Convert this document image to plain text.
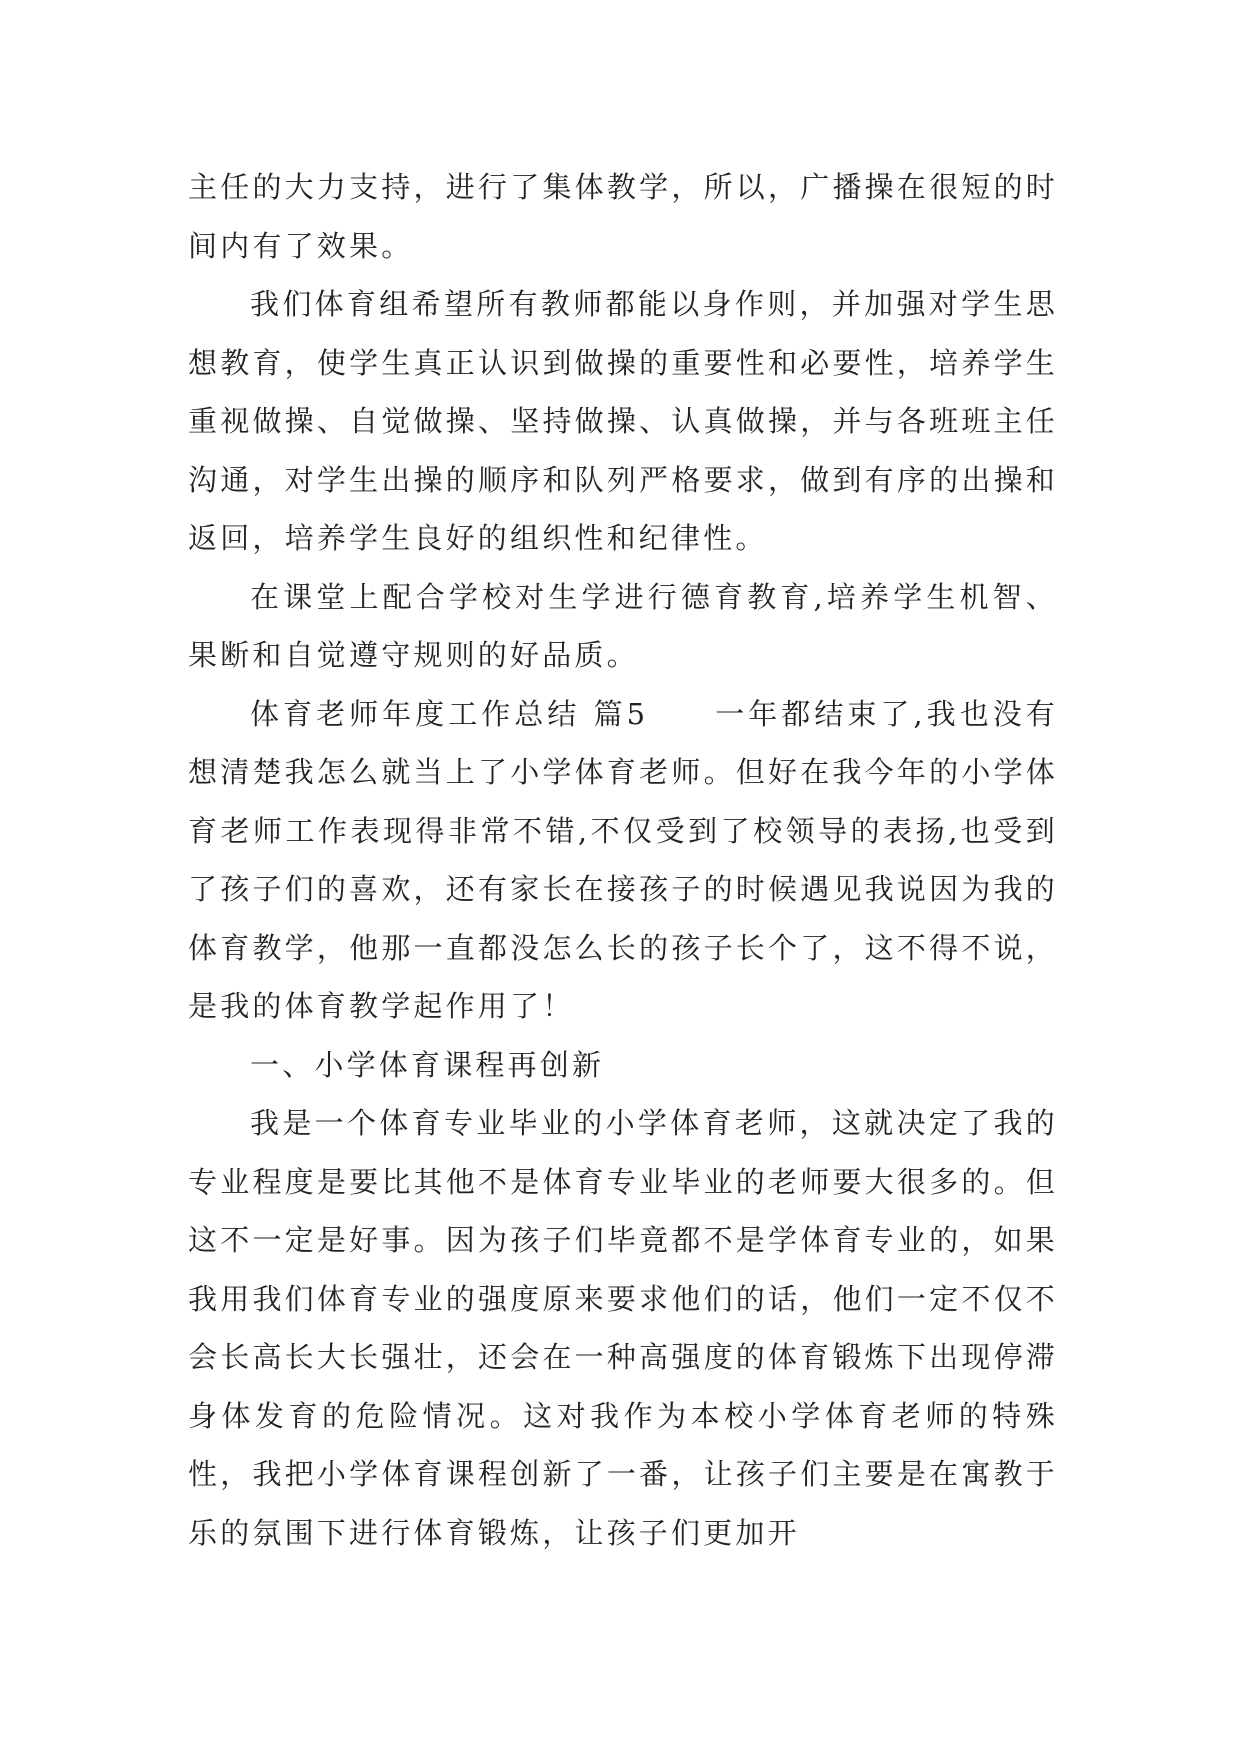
主任的大力支持，进行了集体教学，所以，广播操在很短的时间内有了效果。

我们体育组希望所有教师都能以身作则，并加强对学生思想教育，使学生真正认识到做操的重要性和必要性，培养学生重视做操、自觉做操、坚持做操、认真做操，并与各班班主任沟通，对学生出操的顺序和队列严格要求，做到有序的出操和返回，培养学生良好的组织性和纪律性。

在课堂上配合学校对生学进行德育教育,培养学生机智、果断和自觉遵守规则的好品质。

体育老师年度工作总结 篇5　　一年都结束了,我也没有想清楚我怎么就当上了小学体育老师。但好在我今年的小学体育老师工作表现得非常不错,不仅受到了校领导的表扬,也受到了孩子们的喜欢，还有家长在接孩子的时候遇见我说因为我的体育教学，他那一直都没怎么长的孩子长个了，这不得不说，是我的体育教学起作用了！

一、小学体育课程再创新

我是一个体育专业毕业的小学体育老师，这就决定了我的专业程度是要比其他不是体育专业毕业的老师要大很多的。但这不一定是好事。因为孩子们毕竟都不是学体育专业的，如果我用我们体育专业的强度原来要求他们的话，他们一定不仅不会长高长大长强壮，还会在一种高强度的体育锻炼下出现停滞身体发育的危险情况。这对我作为本校小学体育老师的特殊性，我把小学体育课程创新了一番，让孩子们主要是在寓教于乐的氛围下进行体育锻炼，让孩子们更加开
